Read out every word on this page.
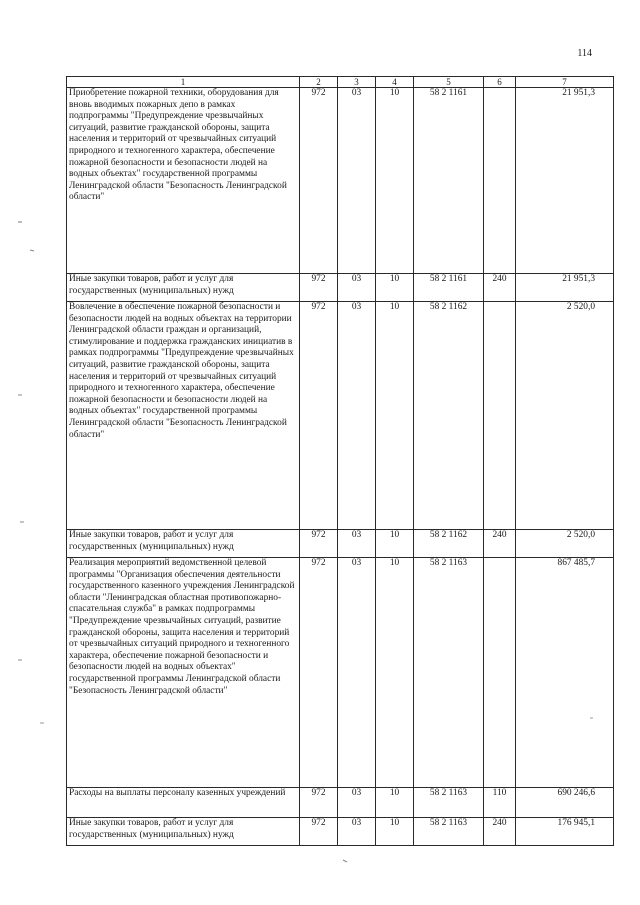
114
1	2	3	4	5	6	7
Приобретение пожарной техники, оборудования для вновь вводимых пожарных депо в рамках подпрограммы "Предупреждение чрезвычайных ситуаций, развитие гражданской обороны, защита населения и территорий от чрезвычайных ситуаций природного и техногенного характера, обеспечение пожарной безопасности и безопасности людей на водных объектах" государственной программы Ленинградской области "Безопасность Ленинградской области"	972	03	10	58 2 1161		21 951,3
Иные закупки товаров, работ и услуг для государственных (муниципальных) нужд	972	03	10	58 2 1161	240	21 951,3
Вовлечение в обеспечение пожарной безопасности и безопасности людей на водных объектах на территории Ленинградской области граждан и организаций, стимулирование и поддержка гражданских инициатив в рамках подпрограммы "Предупреждение чрезвычайных ситуаций, развитие гражданской обороны, защита населения и территорий от чрезвычайных ситуаций природного и техногенного характера, обеспечение пожарной безопасности и безопасности людей на водных объектах" государственной программы Ленинградской области "Безопасность Ленинградской области"	972	03	10	58 2 1162		2 520,0
Иные закупки товаров, работ и услуг для государственных (муниципальных) нужд	972	03	10	58 2 1162	240	2 520,0
Реализация мероприятий ведомственной целевой программы "Организация обеспечения деятельности государственного казенного учреждения Ленинградской области "Ленинградская областная противопожарно-спасательная служба" в рамках подпрограммы "Предупреждение чрезвычайных ситуаций, развитие гражданской обороны, защита населения и территорий от чрезвычайных ситуаций природного и техногенного характера, обеспечение пожарной безопасности и безопасности людей на водных объектах" государственной программы Ленинградской области "Безопасность Ленинградской области"	972	03	10	58 2 1163		867 485,7
Расходы на выплаты персоналу казенных учреждений	972	03	10	58 2 1163	110	690 246,6
Иные закупки товаров, работ и услуг для государственных (муниципальных) нужд	972	03	10	58 2 1163	240	176 945,1
